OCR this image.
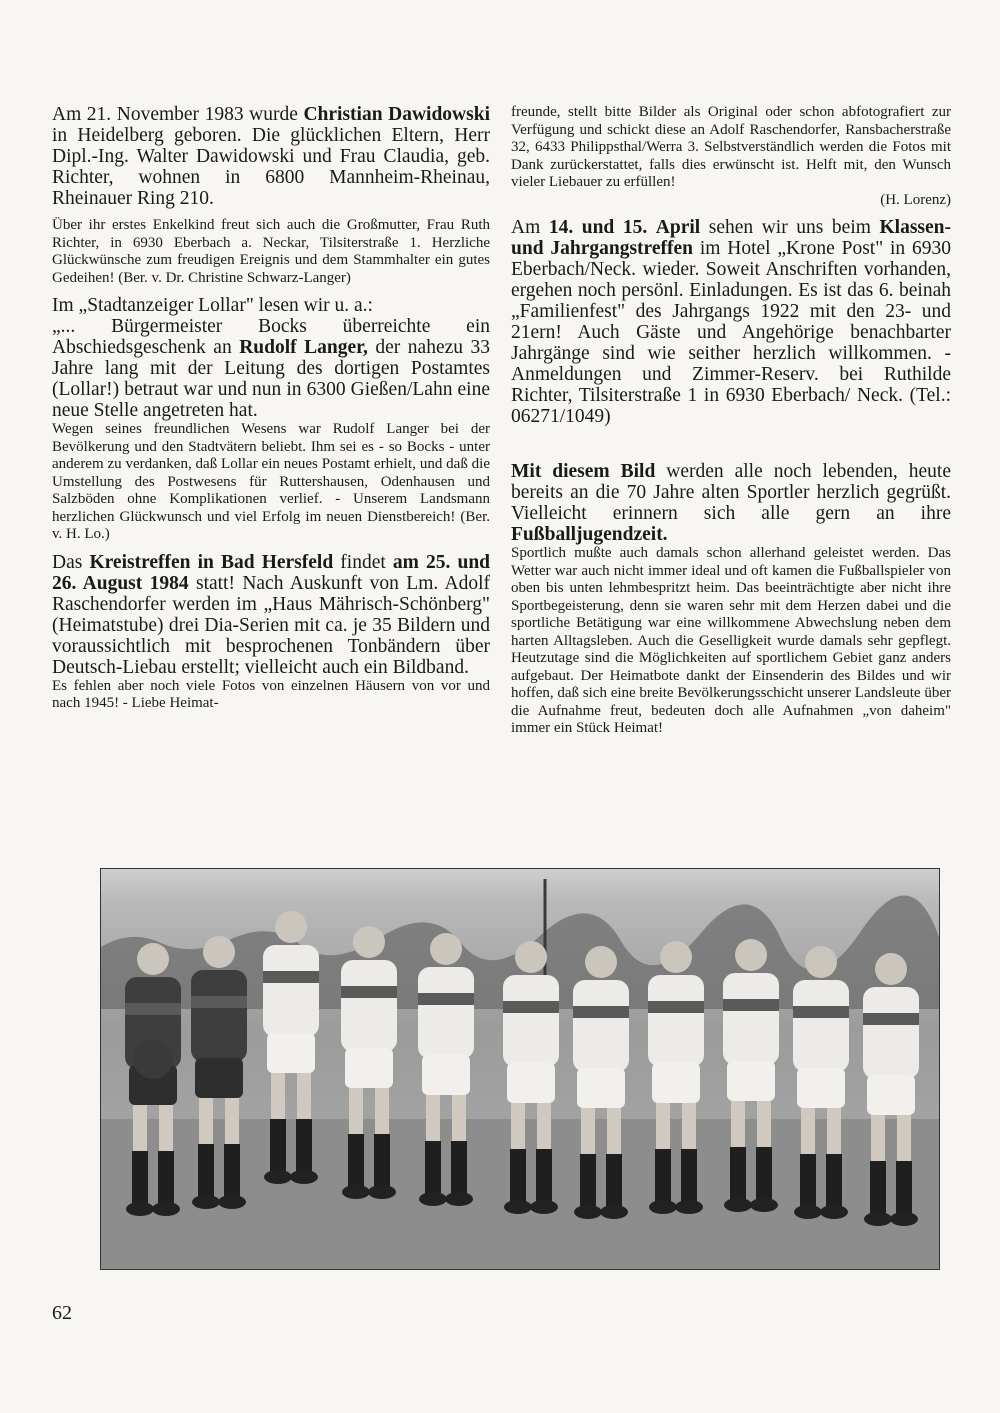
Am 21. November 1983 wurde Christian Dawidowski in Heidelberg geboren. Die glücklichen Eltern, Herr Dipl.-Ing. Walter Dawidowski und Frau Claudia, geb. Richter, wohnen in 6800 Mannheim-Rheinau, Rheinauer Ring 210.

Über ihr erstes Enkelkind freut sich auch die Großmutter, Frau Ruth Richter, in 6930 Eberbach a. Neckar, Tilsiterstraße 1. Herzliche Glückwünsche zum freudigen Ereignis und dem Stammhalter ein gutes Gedeihen! (Ber. v. Dr. Christine Schwarz-Langer)

Im „Stadtanzeiger Lollar" lesen wir u. a.:

„... Bürgermeister Bocks überreichte ein Abschiedsgeschenk an Rudolf Langer, der nahezu 33 Jahre lang mit der Leitung des dortigen Postamtes (Lollar!) betraut war und nun in 6300 Gießen/Lahn eine neue Stelle angetreten hat.

Wegen seines freundlichen Wesens war Rudolf Langer bei der Bevölkerung und den Stadtvätern beliebt. Ihm sei es - so Bocks - unter anderem zu verdanken, daß Lollar ein neues Postamt erhielt, und daß die Umstellung des Postwesens für Ruttershausen, Odenhausen und Salzböden ohne Komplikationen verlief. - Unserem Landsmann herzlichen Glückwunsch und viel Erfolg im neuen Dienstbereich! (Ber. v. H. Lo.)

Das Kreistreffen in Bad Hersfeld findet am 25. und 26. August 1984 statt! Nach Auskunft von Lm. Adolf Raschendorfer werden im „Haus Mährisch-Schönberg" (Heimatstube) drei Dia-Serien mit ca. je 35 Bildern und voraussichtlich mit besprochenen Tonbändern über Deutsch-Liebau erstellt; vielleicht auch ein Bildband.

Es fehlen aber noch viele Fotos von einzelnen Häusern von vor und nach 1945! - Liebe Heimat-

freunde, stellt bitte Bilder als Original oder schon abfotografiert zur Verfügung und schickt diese an Adolf Raschendorfer, Ransbacherstraße 32, 6433 Philippsthal/Werra 3. Selbstverständlich werden die Fotos mit Dank zurückerstattet, falls dies erwünscht ist. Helft mit, den Wunsch vieler Liebauer zu erfüllen!
(H. Lorenz)

Am 14. und 15. April sehen wir uns beim Klassen- und Jahrgangstreffen im Hotel „Krone Post" in 6930 Eberbach/Neck. wieder. Soweit Anschriften vorhanden, ergehen noch persönl. Einladungen. Es ist das 6. beinah „Familienfest" des Jahrgangs 1922 mit den 23- und 21ern! Auch Gäste und Angehörige benachbarter Jahrgänge sind wie seither herzlich willkommen. - Anmeldungen und Zimmer-Reserv. bei Ruthilde Richter, Tilsiterstraße 1 in 6930 Eberbach/ Neck. (Tel.: 06271/1049)

Mit diesem Bild werden alle noch lebenden, heute bereits an die 70 Jahre alten Sportler herzlich gegrüßt. Vielleicht erinnern sich alle gern an ihre Fußballjugendzeit.

Sportlich mußte auch damals schon allerhand geleistet werden. Das Wetter war auch nicht immer ideal und oft kamen die Fußballspieler von oben bis unten lehmbespritzt heim. Das beeinträchtigte aber nicht ihre Sportbegeisterung, denn sie waren sehr mit dem Herzen dabei und die sportliche Betätigung war eine willkommene Abwechslung neben dem harten Alltagsleben. Auch die Geselligkeit wurde damals sehr gepflegt. Heutzutage sind die Möglichkeiten auf sportlichem Gebiet ganz anders aufgebaut. Der Heimatbote dankt der Einsenderin des Bildes und wir hoffen, daß sich eine breite Bevölkerungsschicht unserer Landsleute über die Aufnahme freut, bedeuten doch alle Aufnahmen „von daheim" immer ein Stück Heimat!

62
